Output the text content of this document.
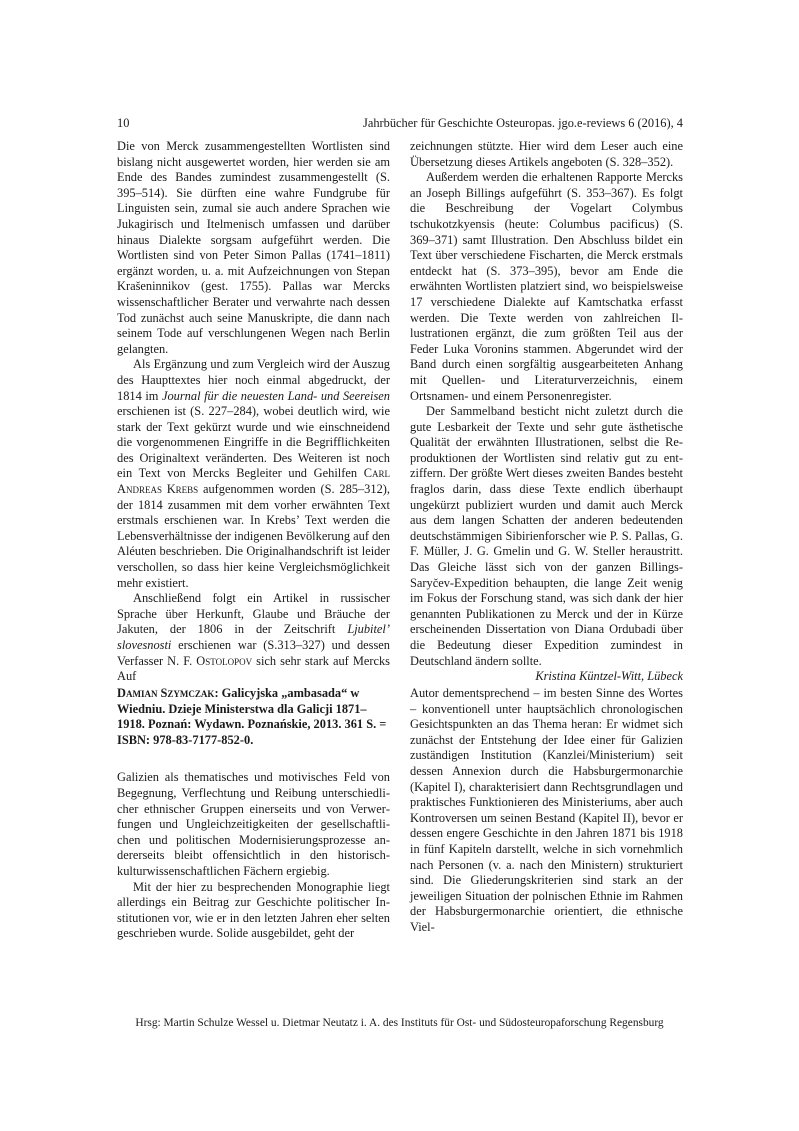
10	Jahrbücher für Geschichte Osteuropas. jgo.e-reviews 6 (2016), 4

Die von Merck zusammengestellten Wortlisten sind bislang nicht ausgewertet worden, hier werden sie am Ende des Bandes zumindest zusammengestellt (S. 395–514). Sie dürften eine wahre Fundgrube für Linguisten sein, zumal sie auch andere Sprachen wie Jukagirisch und Itelmenisch umfassen und darüber hinaus Dialekte sorgsam aufgeführt werden. Die Wortlisten sind von Peter Simon Pallas (1741–1811) ergänzt worden, u. a. mit Aufzeichnungen von Stepan Krašeninnikov (gest. 1755). Pallas war Mercks wissenschaftlicher Berater und verwahrte nach dessen Tod zunächst auch seine Manuskripte, die dann nach seinem Tode auf verschlungenen Wegen nach Berlin gelangten.

Als Ergänzung und zum Vergleich wird der Auszug des Haupttextes hier noch einmal abgedruckt, der 1814 im Journal für die neuesten Land- und Seereisen erschienen ist (S. 227–284), wobei deutlich wird, wie stark der Text gekürzt wurde und wie einschneidend die vorgenommenen Eingriffe in die Begrifflichkeiten des Originaltext veränderten. Des Weiteren ist noch ein Text von Mercks Begleiter und Gehilfen Carl Andreas Krebs aufgenommen worden (S. 285–312), der 1814 zusammen mit dem vorher erwähnten Text erstmals erschienen war. In Krebs’ Text werden die Lebensverhältnisse der indigenen Bevölkerung auf den Aléuten beschrieben. Die Originalhandschrift ist leider verschollen, so dass hier keine Vergleichsmöglichkeit mehr existiert.

Anschließend folgt ein Artikel in russischer Sprache über Herkunft, Glaube und Bräuche der Jakuten, der 1806 in der Zeitschrift Ljubitel’ slovesnosti erschienen war (S.313–327) und dessen Verfasser N. F. Ostolopov sich sehr stark auf Mercks Auf

zeichnungen stützte. Hier wird dem Leser auch eine Übersetzung dieses Artikels angeboten (S. 328–352).

Außerdem werden die erhaltenen Rapporte Mercks an Joseph Billings aufgeführt (S. 353–367). Es folgt die Beschreibung der Vogelart Colymbus tschukotzkyensis (heute: Columbus pacificus) (S. 369–371) samt Illustration. Den Abschluss bildet ein Text über verschiedene Fischarten, die Merck erstmals entdeckt hat (S. 373–395), bevor am Ende die erwähnten Wortlisten platziert sind, wo beispielsweise 17 verschiedene Dialekte auf Kamtschatka erfasst werden. Die Texte werden von zahlreichen Illustrationen ergänzt, die zum größten Teil aus der Feder Luka Voronins stammen. Abgerundet wird der Band durch einen sorgfältig ausgearbeiteten Anhang mit Quellen- und Literaturverzeichnis, einem Ortsnamen- und einem Personenregister.

Der Sammelband besticht nicht zuletzt durch die gute Lesbarkeit der Texte und sehr gute ästhetische Qualität der erwähnten Illustrationen, selbst die Reproduktionen der Wortlisten sind relativ gut zu entziffern. Der größte Wert dieses zweiten Bandes besteht fraglos darin, dass diese Texte endlich überhaupt ungekürzt publiziert wurden und damit auch Merck aus dem langen Schatten der anderen bedeutenden deutschstämmigen Sibirienforscher wie P. S. Pallas, G. F. Müller, J. G. Gmelin und G. W. Steller heraustritt. Das Gleiche lässt sich von der ganzen Billings-Saryčev-Expedition behaupten, die lange Zeit wenig im Fokus der Forschung stand, was sich dank der hier genannten Publikationen zu Merck und der in Kürze erscheinenden Dissertation von Diana Ordubadi über die Bedeutung dieser Expedition zumindest in Deutschland ändern sollte.

Kristina Küntzel-Witt, Lübeck

Damian Szymczak: Galicyjska „ambasada“ w Wiedniu. Dzieje Ministerstwa dla Galicji 1871–1918. Poznań: Wydawn. Poznańskie, 2013. 361 S. = ISBN: 978-83-7177-852-0.

Galizien als thematisches und motivisches Feld von Begegnung, Verflechtung und Reibung unterschiedlicher ethnischer Gruppen einerseits und von Verwerfungen und Ungleichzeitigkeiten der gesellschaftlichen und politischen Modernisierungsprozesse andererseits bleibt offensichtlich in den historisch-kulturwissenschaftlichen Fächern ergiebig.

Mit der hier zu besprechenden Monographie liegt allerdings ein Beitrag zur Geschichte politischer Institutionen vor, wie er in den letzten Jahren eher selten geschrieben wurde. Solide ausgebildet, geht der

Autor dementsprechend – im besten Sinne des Wortes – konventionell unter hauptsächlich chronologischen Gesichtspunkten an das Thema heran: Er widmet sich zunächst der Entstehung der Idee einer für Galizien zuständigen Institution (Kanzlei/Ministerium) seit dessen Annexion durch die Habsburgermonarchie (Kapitel I), charakterisiert dann Rechtsgrundlagen und praktisches Funktionieren des Ministeriums, aber auch Kontroversen um seinen Bestand (Kapitel II), bevor er dessen engere Geschichte in den Jahren 1871 bis 1918 in fünf Kapiteln darstellt, welche in sich vornehmlich nach Personen (v. a. nach den Ministern) strukturiert sind. Die Gliederungskriterien sind stark an der jeweiligen Situation der polnischen Ethnie im Rahmen der Habsburgermonarchie orientiert, die ethnische Viel-

Hrsg: Martin Schulze Wessel u. Dietmar Neutatz i. A. des Instituts für Ost- und Südosteuropaforschung Regensburg
